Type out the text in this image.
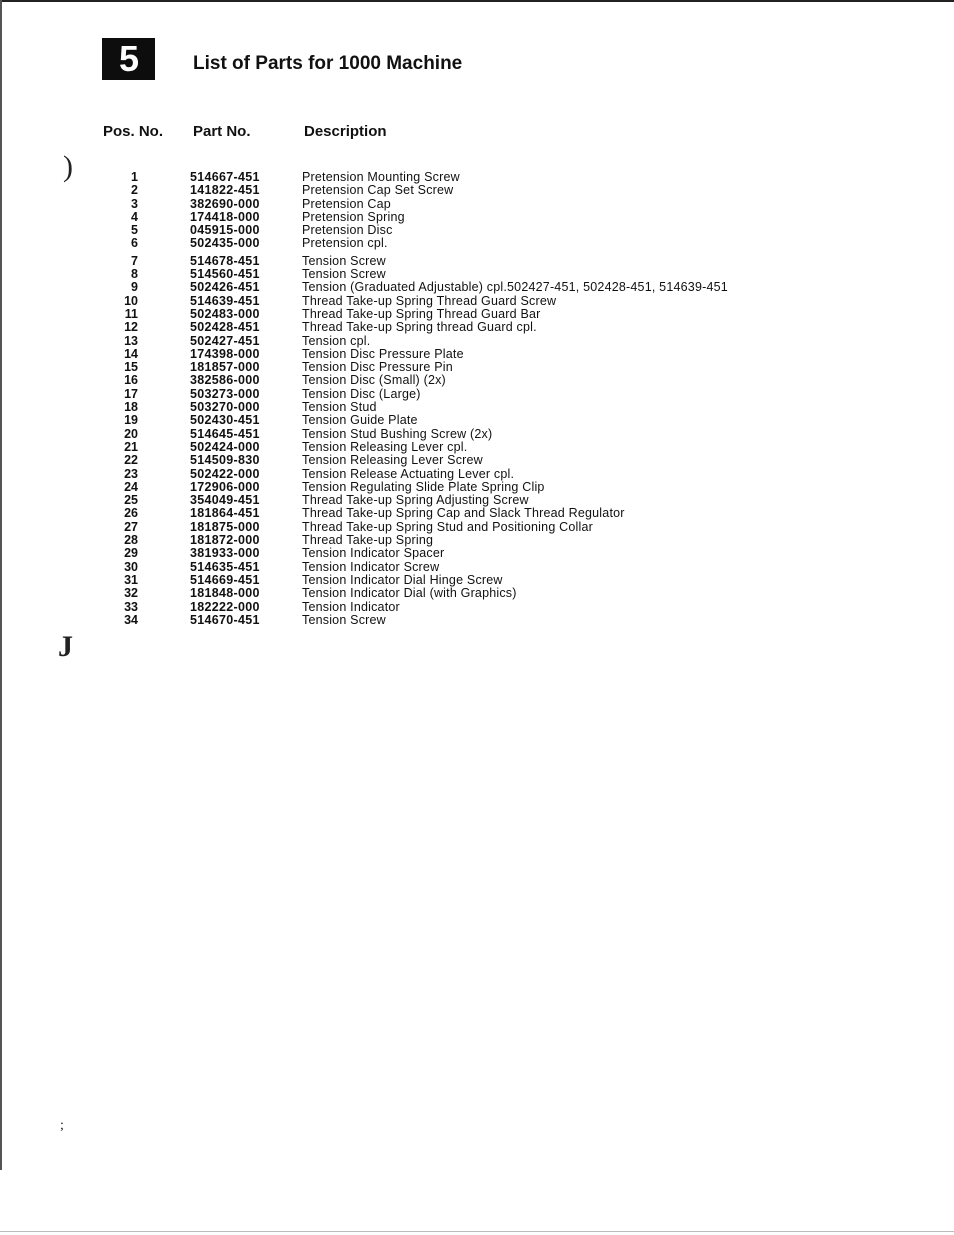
5	List of Parts for 1000 Machine
Pos. No. Part No.	Description
1	514667-451	Pretension Mounting Screw
2	141822-451	Pretension Cap Set Screw
3	382690-000	Pretension Cap
4	174418-000	Pretension Spring
5	045915-000	Pretension Disc
6	502435-000	Pretension cpl.
7	514678-451	Tension Screw
8	514560-451	Tension Screw
9	502426-451	Tension (Graduated Adjustable) cpl.502427-451, 502428-451, 514639-451
10	514639-451	Thread Take-up Spring Thread Guard Screw
11	502483-000	Thread Take-up Spring Thread Guard Bar
12	502428-451	Thread Take-up Spring thread Guard cpl.
13	502427-451	Tension cpl.
14	174398-000	Tension Disc Pressure Plate
15	181857-000	Tension Disc Pressure Pin
16	382586-000	Tension Disc (Small) (2x)
17	503273-000	Tension Disc (Large)
18	503270-000	Tension Stud
19	502430-451	Tension Guide Plate
20	514645-451	Tension Stud Bushing Screw (2x)
21	502424-000	Tension Releasing Lever cpl.
22	514509-830	Tension Releasing Lever Screw
23	502422-000	Tension Release Actuating Lever cpl.
24	172906-000	Tension Regulating Slide Plate Spring Clip
25	354049-451	Thread Take-up Spring Adjusting Screw
26	181864-451	Thread Take-up Spring Cap and Slack Thread Regulator
27	181875-000	Thread Take-up Spring Stud and Positioning Collar
28	181872-000	Thread Take-up Spring
29	381933-000	Tension Indicator Spacer
30	514635-451	Tension Indicator Screw
31	514669-451	Tension Indicator Dial Hinge Screw
32	181848-000	Tension Indicator Dial (with Graphics)
33	182222-000	Tension Indicator
34	514670-451	Tension Screw
)
J
;
